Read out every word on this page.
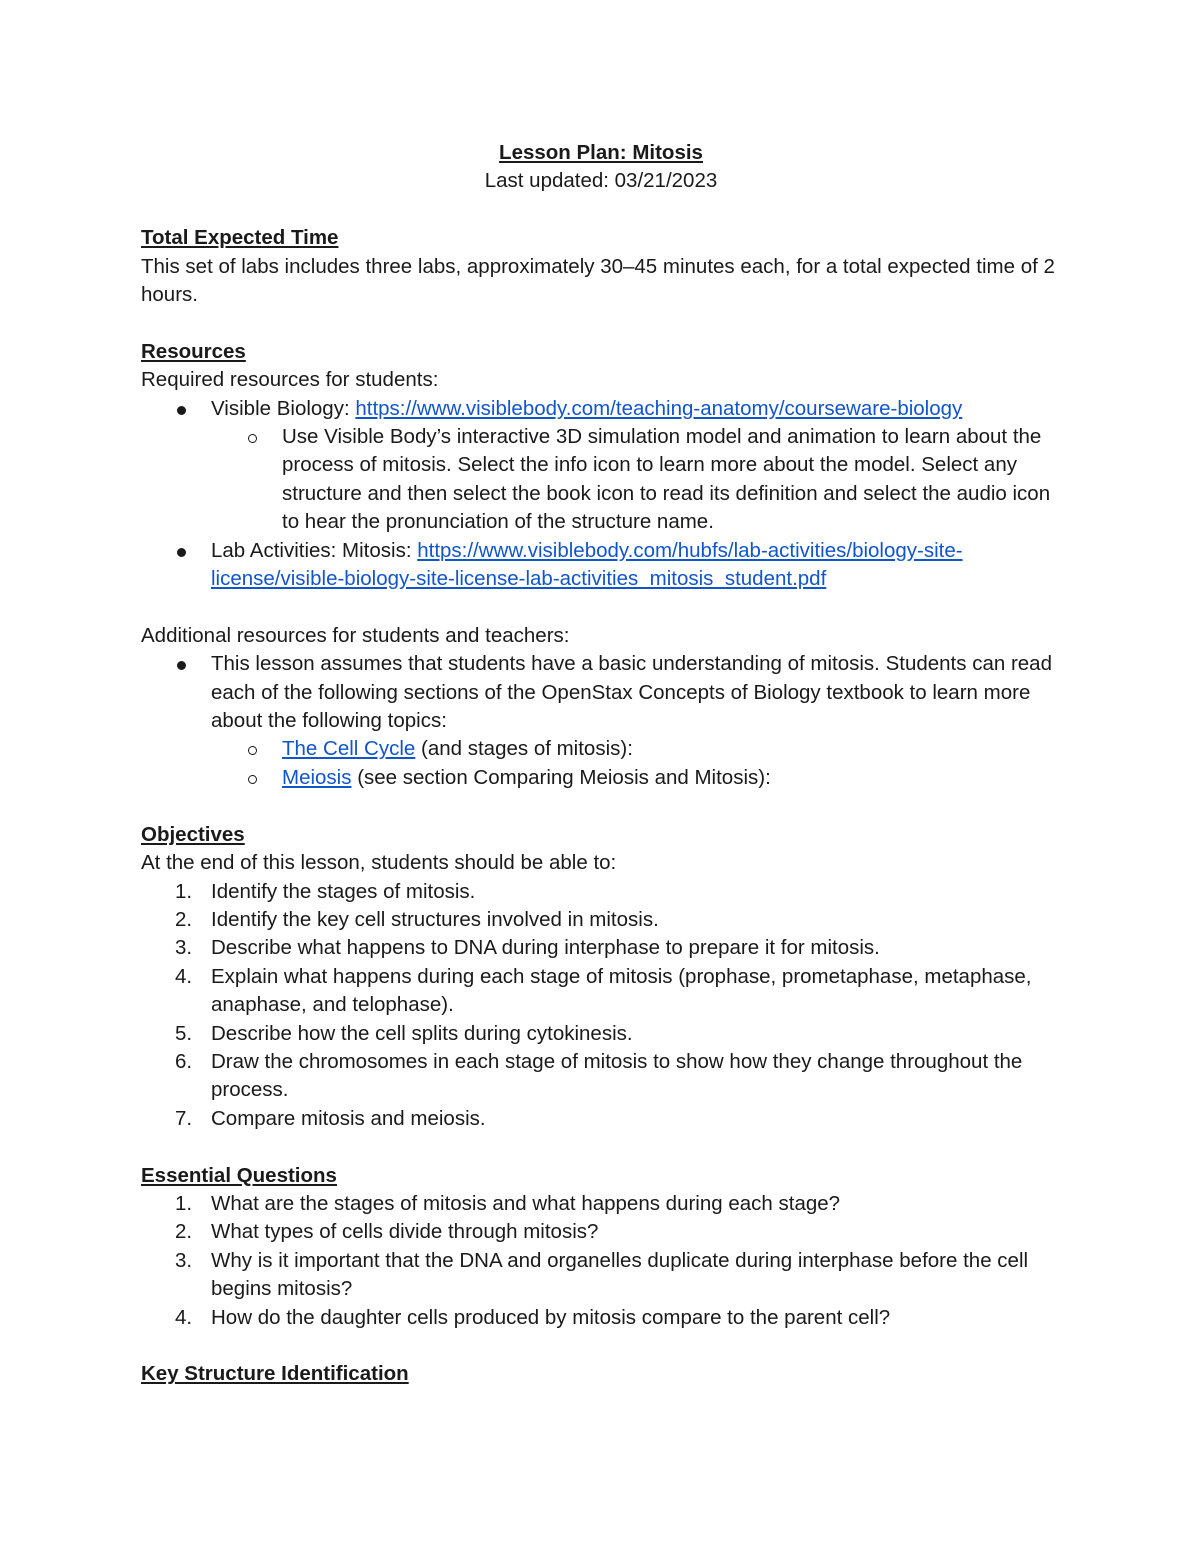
Lesson Plan: Mitosis
Last updated: 03/21/2023
Total Expected Time
This set of labs includes three labs, approximately 30–45 minutes each, for a total expected time of 2 hours.
Resources
Required resources for students:
Visible Biology: https://www.visiblebody.com/teaching-anatomy/courseware-biology
Use Visible Body’s interactive 3D simulation model and animation to learn about the process of mitosis. Select the info icon to learn more about the model. Select any structure and then select the book icon to read its definition and select the audio icon to hear the pronunciation of the structure name.
Lab Activities: Mitosis: https://www.visiblebody.com/hubfs/lab-activities/biology-site-license/visible-biology-site-license-lab-activities_mitosis_student.pdf
Additional resources for students and teachers:
This lesson assumes that students have a basic understanding of mitosis. Students can read each of the following sections of the OpenStax Concepts of Biology textbook to learn more about the following topics:
The Cell Cycle (and stages of mitosis):
Meiosis (see section Comparing Meiosis and Mitosis):
Objectives
At the end of this lesson, students should be able to:
1. Identify the stages of mitosis.
2. Identify the key cell structures involved in mitosis.
3. Describe what happens to DNA during interphase to prepare it for mitosis.
4. Explain what happens during each stage of mitosis (prophase, prometaphase, metaphase, anaphase, and telophase).
5. Describe how the cell splits during cytokinesis.
6. Draw the chromosomes in each stage of mitosis to show how they change throughout the process.
7. Compare mitosis and meiosis.
Essential Questions
1. What are the stages of mitosis and what happens during each stage?
2. What types of cells divide through mitosis?
3. Why is it important that the DNA and organelles duplicate during interphase before the cell begins mitosis?
4. How do the daughter cells produced by mitosis compare to the parent cell?
Key Structure Identification
